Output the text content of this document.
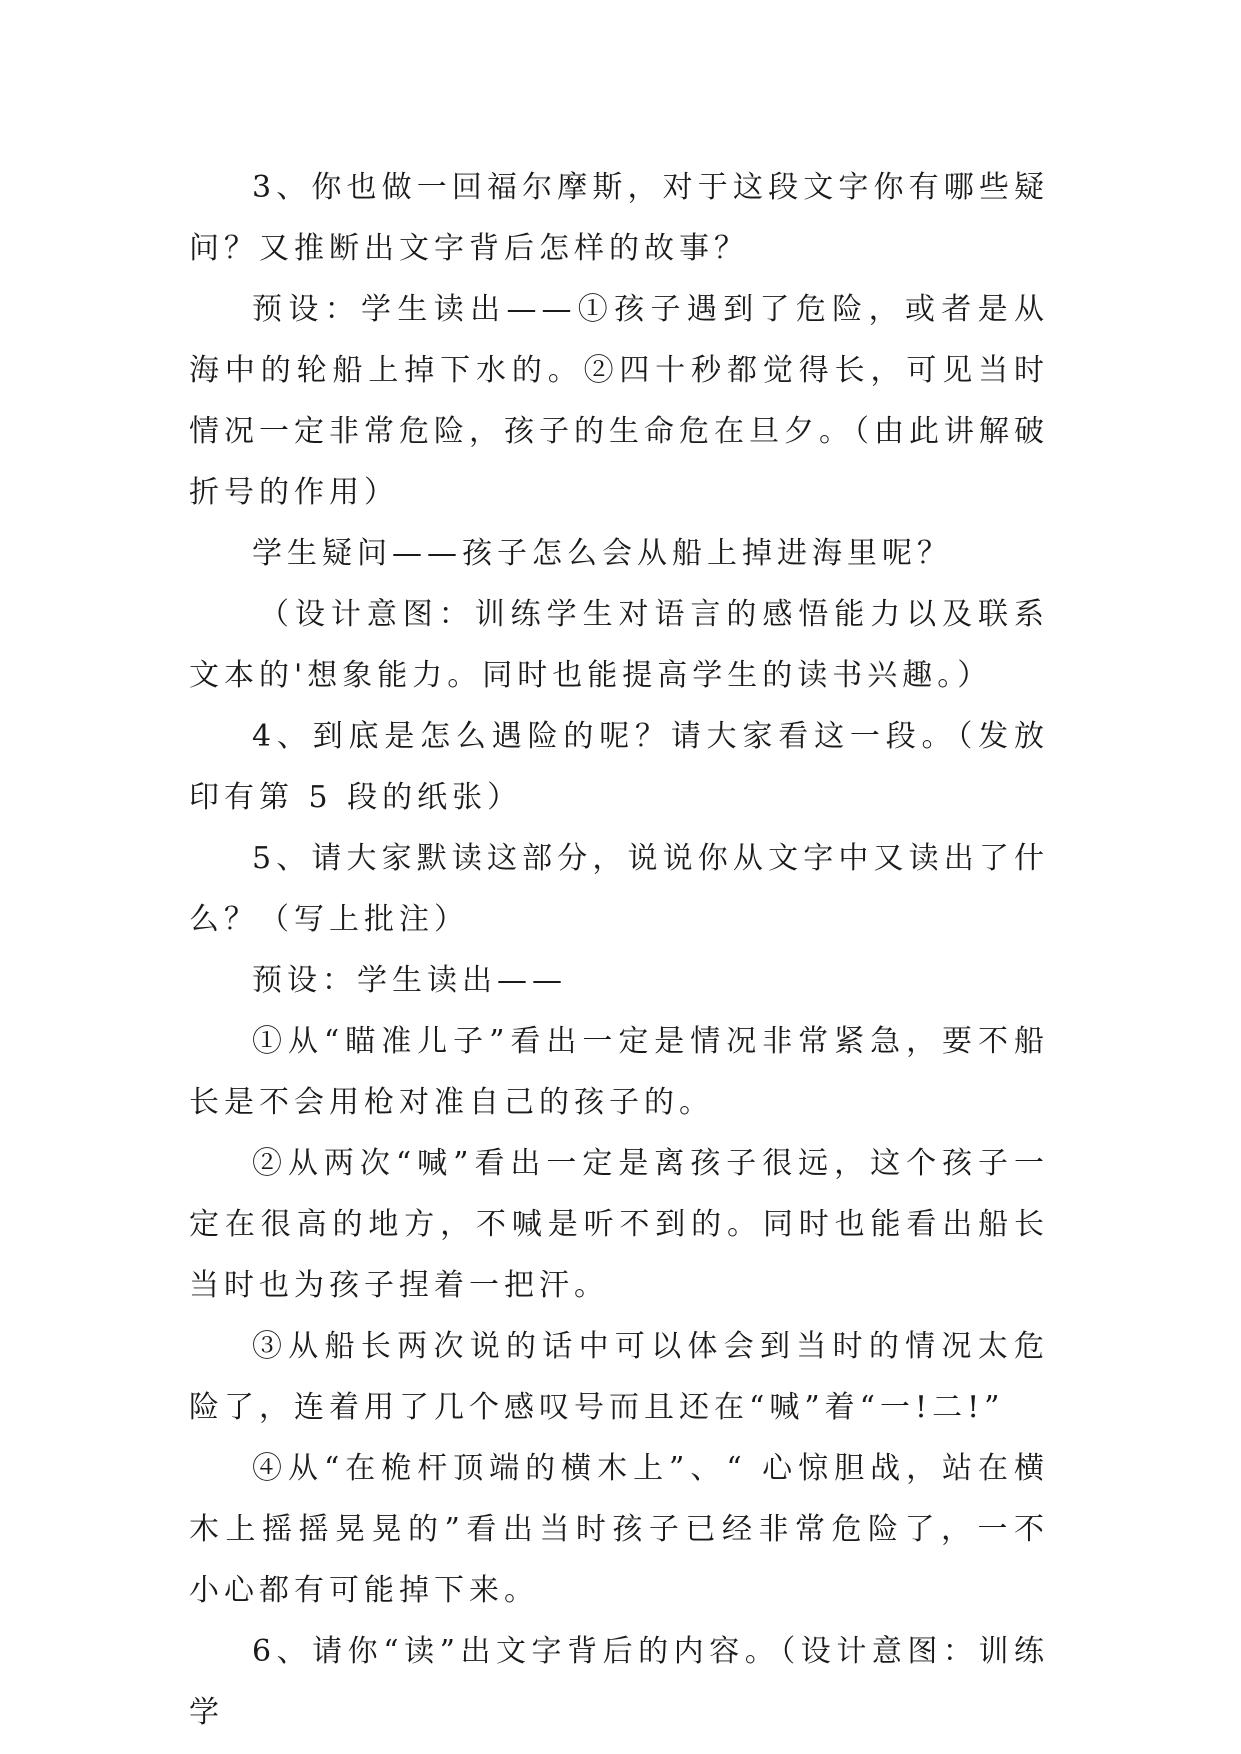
3、你也做一回福尔摩斯，对于这段文字你有哪些疑问？又推断出文字背后怎样的故事？

预设：学生读出——①孩子遇到了危险，或者是从海中的轮船上掉下水的。②四十秒都觉得长，可见当时情况一定非常危险，孩子的生命危在旦夕。（由此讲解破折号的作用）

学生疑问——孩子怎么会从船上掉进海里呢？

（设计意图：训练学生对语言的感悟能力以及联系文本的'想象能力。同时也能提高学生的读书兴趣。）

4、到底是怎么遇险的呢？请大家看这一段。（发放印有第 5 段的纸张）

5、请大家默读这部分，说说你从文字中又读出了什么？（写上批注）

预设：学生读出——

①从“瞄准儿子”看出一定是情况非常紧急，要不船长是不会用枪对准自己的孩子的。

②从两次“喊”看出一定是离孩子很远，这个孩子一定在很高的地方，不喊是听不到的。同时也能看出船长当时也为孩子捏着一把汗。

③从船长两次说的话中可以体会到当时的情况太危险了，连着用了几个感叹号而且还在“喊”着“一!二!”

④从“在桅杆顶端的横木上”、“ 心惊胆战，站在横木上摇摇晃晃的”看出当时孩子已经非常危险了，一不小心都有可能掉下来。

6、请你“读”出文字背后的内容。（设计意图：训练学
